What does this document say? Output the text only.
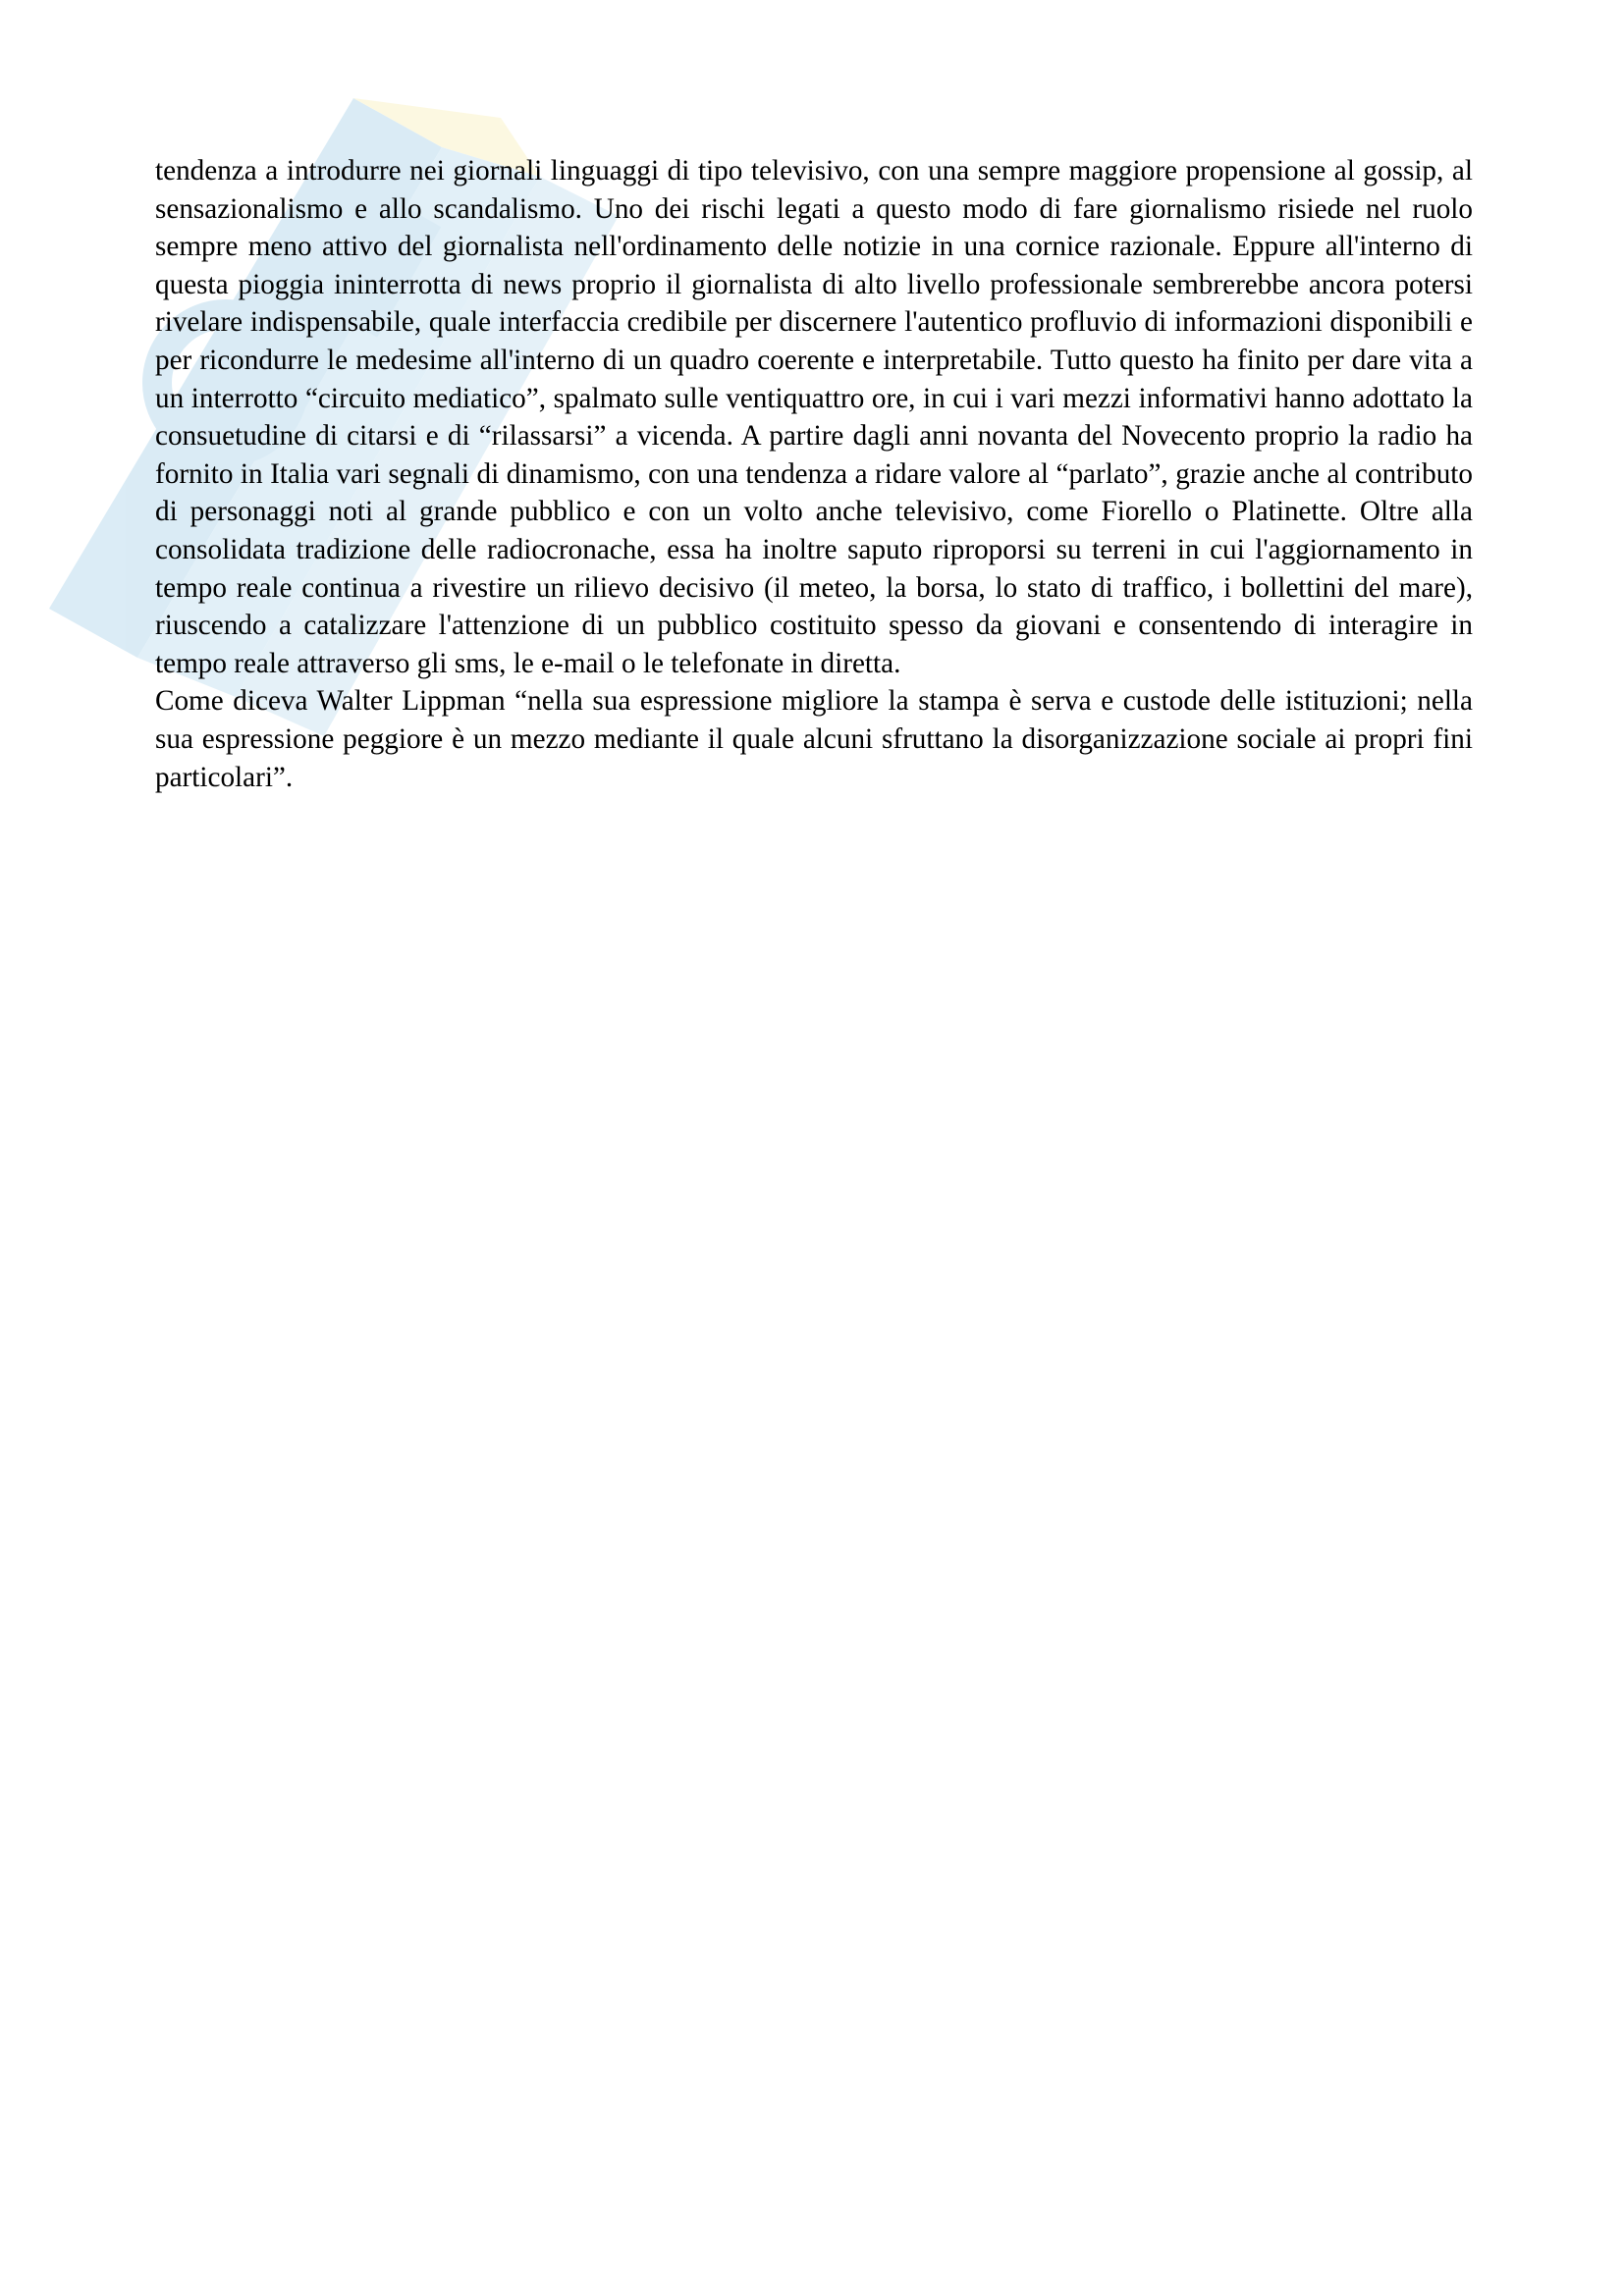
tendenza a introdurre nei giornali linguaggi di tipo televisivo, con una sempre maggiore propensione al gossip, al sensazionalismo e allo scandalismo. Uno dei rischi legati a questo modo di fare giornalismo risiede nel ruolo sempre meno attivo del giornalista nell'ordinamento delle notizie in una cornice razionale. Eppure all'interno di questa pioggia ininterrotta di news proprio il giornalista di alto livello professionale sembrerebbe ancora potersi rivelare indispensabile, quale interfaccia credibile per discernere l'autentico profluvio di informazioni disponibili e per ricondurre le medesime all'interno di un quadro coerente e interpretabile. Tutto questo ha finito per dare vita a un interrotto “circuito mediatico”, spalmato sulle ventiquattro ore, in cui i vari mezzi informativi hanno adottato la consuetudine di citarsi e di “rilassarsi” a vicenda. A partire dagli anni novanta del Novecento proprio la radio ha fornito in Italia vari segnali di dinamismo, con una tendenza a ridare valore al “parlato”, grazie anche al contributo di personaggi noti al grande pubblico e con un volto anche televisivo, come Fiorello o Platinette. Oltre alla consolidata tradizione delle radiocronache, essa ha inoltre saputo riproporsi su terreni in cui l'aggiornamento in tempo reale continua a rivestire un rilievo decisivo (il meteo, la borsa, lo stato di traffico, i bollettini del mare), riuscendo a catalizzare l'attenzione di un pubblico costituito spesso da giovani e consentendo di interagire in tempo reale attraverso gli sms, le e-mail o le telefonate in diretta.

Come diceva Walter Lippman “nella sua espressione migliore la stampa è serva e custode delle istituzioni; nella sua espressione peggiore è un mezzo mediante il quale alcuni sfruttano la disorganizzazione sociale ai propri fini particolari”.
